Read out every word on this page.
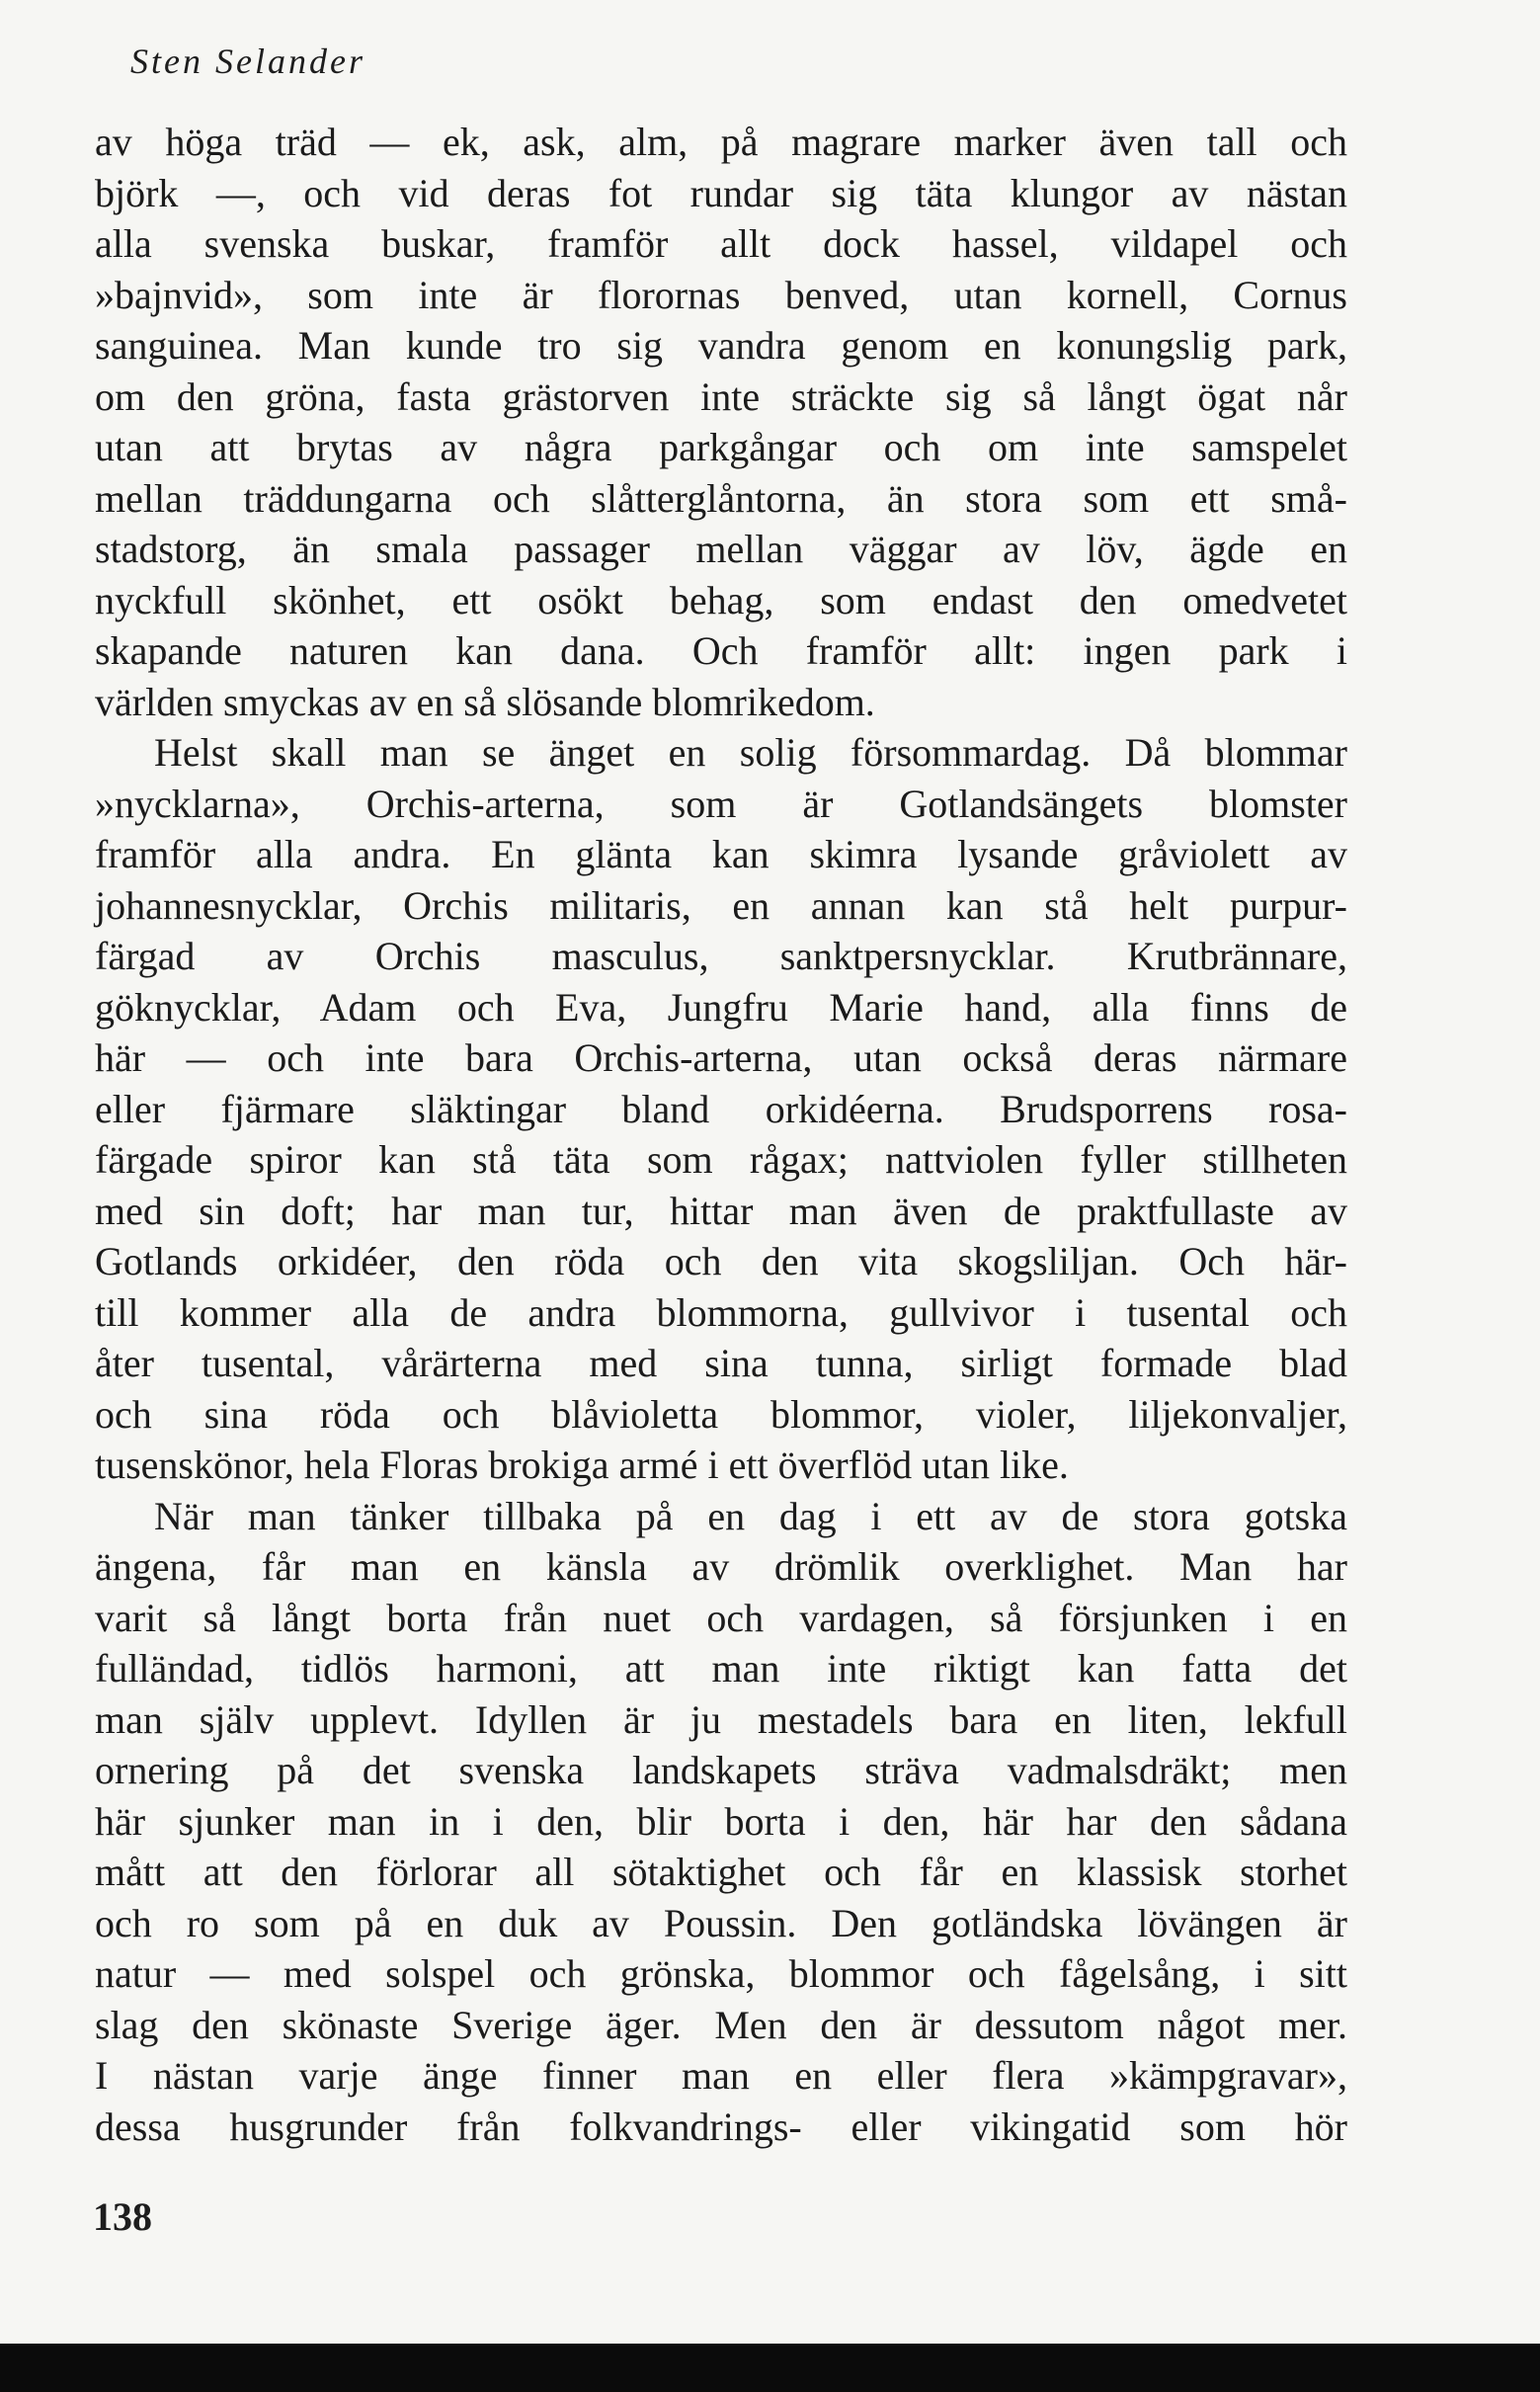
Sten Selander
av höga träd — ek, ask, alm, på magrare marker även tall och
björk —, och vid deras fot rundar sig täta klungor av nästan
alla svenska buskar, framför allt dock hassel, vildapel och
»bajnvid», som inte är florornas benved, utan kornell, Cornus
sanguinea. Man kunde tro sig vandra genom en konungslig park,
om den gröna, fasta grästorven inte sträckte sig så långt ögat når
utan att brytas av några parkgångar och om inte samspelet
mellan träddungarna och slåtterglåntorna, än stora som ett små-
stadstorg, än smala passager mellan väggar av löv, ägde en
nyckfull skönhet, ett osökt behag, som endast den omedvetet
skapande naturen kan dana. Och framför allt: ingen park i
världen smyckas av en så slösande blomrikedom.
Helst skall man se änget en solig försommardag. Då blommar
»nycklarna», Orchis-arterna, som är Gotlandsängets blomster
framför alla andra. En glänta kan skimra lysande gråviolett av
johannesnycklar, Orchis militaris, en annan kan stå helt purpur-
färgad av Orchis masculus, sanktpersnycklar. Krutbrännare,
göknycklar, Adam och Eva, Jungfru Marie hand, alla finns de
här — och inte bara Orchis-arterna, utan också deras närmare
eller fjärmare släktingar bland orkidéerna. Brudsporrens rosa-
färgade spiror kan stå täta som rågax; nattviolen fyller stillheten
med sin doft; har man tur, hittar man även de praktfullaste av
Gotlands orkidéer, den röda och den vita skogsliljan. Och här-
till kommer alla de andra blommorna, gullvivor i tusental och
åter tusental, vårärterna med sina tunna, sirligt formade blad
och sina röda och blåvioletta blommor, violer, liljekonvaljer,
tusenskönor, hela Floras brokiga armé i ett överflöd utan like.
När man tänker tillbaka på en dag i ett av de stora gotska
ängena, får man en känsla av drömlik overklighet. Man har
varit så långt borta från nuet och vardagen, så försjunken i en
fulländad, tidlös harmoni, att man inte riktigt kan fatta det
man själv upplevt. Idyllen är ju mestadels bara en liten, lekfull
ornering på det svenska landskapets sträva vadmalsdräkt; men
här sjunker man in i den, blir borta i den, här har den sådana
mått att den förlorar all sötaktighet och får en klassisk storhet
och ro som på en duk av Poussin. Den gotländska lövängen är
natur — med solspel och grönska, blommor och fågelsång, i sitt
slag den skönaste Sverige äger. Men den är dessutom något mer.
I nästan varje änge finner man en eller flera »kämpgravar»,
dessa husgrunder från folkvandrings- eller vikingatid som hör
138
